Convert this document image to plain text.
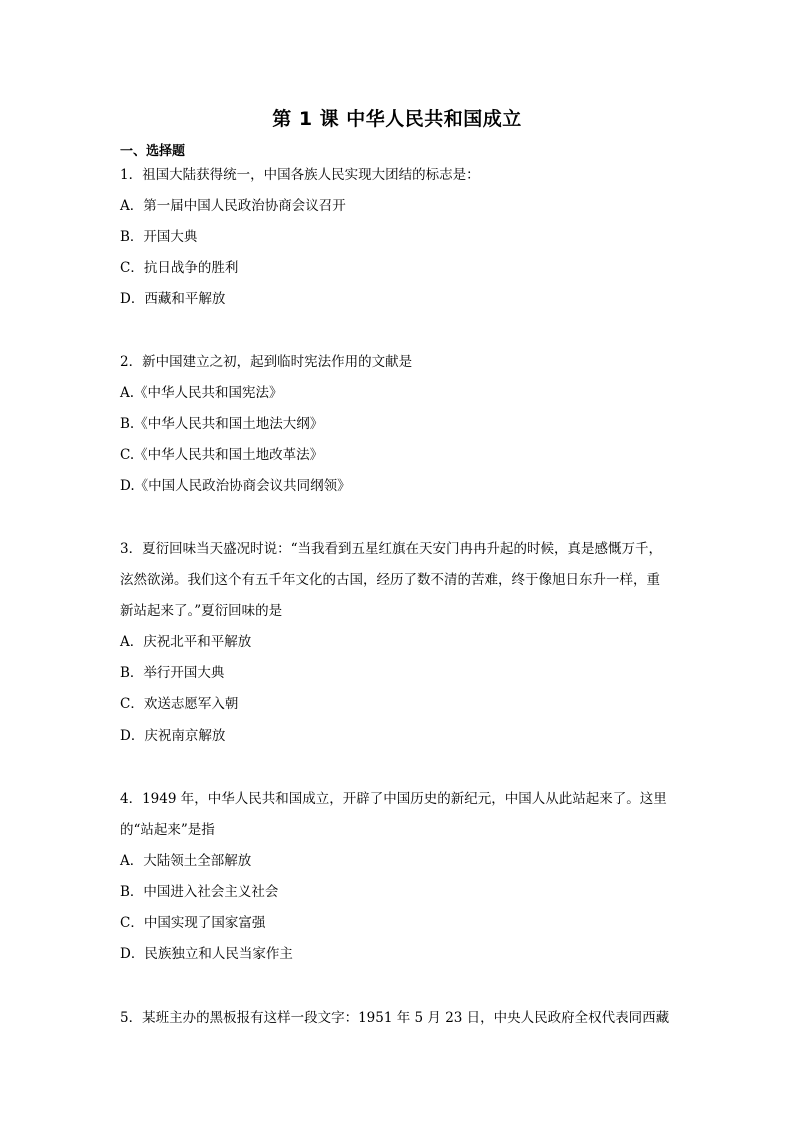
第 1 课 中华人民共和国成立
一、选择题
1．祖国大陆获得统一，中国各族人民实现大团结的标志是：
A．第一届中国人民政治协商会议召开
B．开国大典
C．抗日战争的胜利
D．西藏和平解放
2．新中国建立之初，起到临时宪法作用的文献是
A.《中华人民共和国宪法》
B.《中华人民共和国土地法大纲》
C.《中华人民共和国土地改革法》
D.《中国人民政治协商会议共同纲领》
3．夏衍回味当天盛况时说：“当我看到五星红旗在天安门冉冉升起的时候，真是感慨万千，
泫然欲涕。我们这个有五千年文化的古国，经历了数不清的苦难，终于像旭日东升一样，重
新站起来了。”夏衍回味的是
A．庆祝北平和平解放
B．举行开国大典
C．欢送志愿军入朝
D．庆祝南京解放
4．1949 年，中华人民共和国成立，开辟了中国历史的新纪元，中国人从此站起来了。这里
的“站起来”是指
A．大陆领土全部解放
B．中国进入社会主义社会
C．中国实现了国家富强
D．民族独立和人民当家作主
5．某班主办的黑板报有这样一段文字：1951 年 5 月 23 日，中央人民政府全权代表同西藏
